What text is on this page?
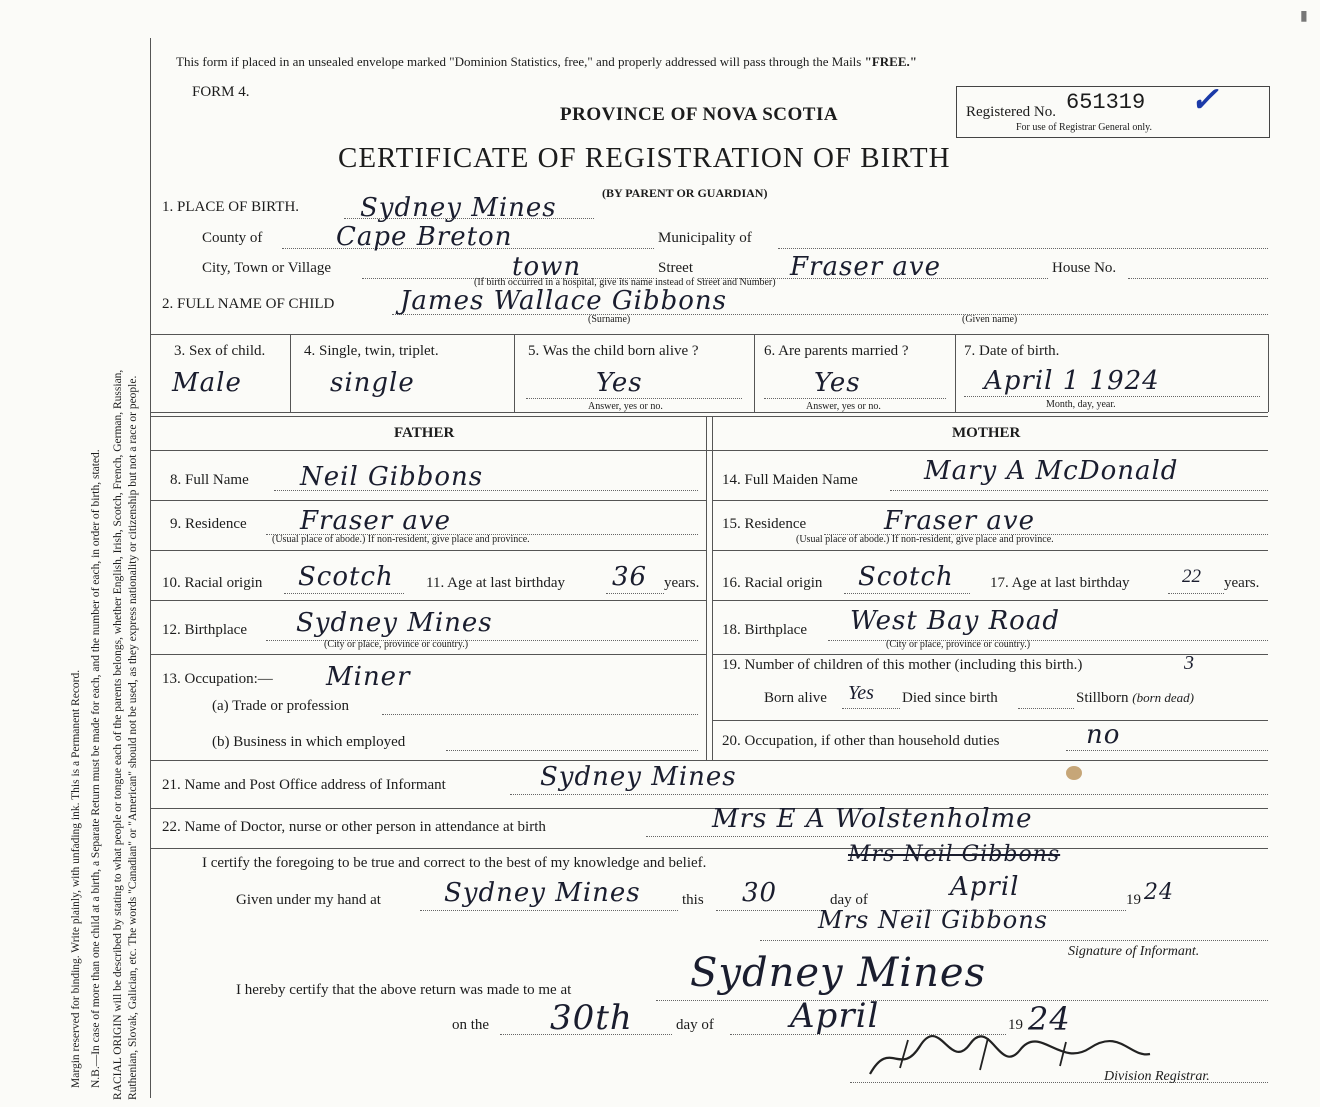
Margin reserved for binding. Write plainly, with unfading ink. This is a Permanent Record. N.B.—In case of more than one child at a birth, a Separate Return must be made for each, and the number of each, in order of birth, stated. RACIAL ORIGIN will be described by stating to what people or tongue each of the parents belongs, whether English, Irish, Scotch, French, German, Russian, Ruthenian, Slovak, Galician, etc. The words "Canadian" or "American" should not be used, as they express nationality or citizenship but not a race or people.
This form if placed in an unsealed envelope marked "Dominion Statistics, free," and properly addressed will pass through the Mails "FREE."
FORM 4.
PROVINCE OF NOVA SCOTIA
CERTIFICATE OF REGISTRATION OF BIRTH
(BY PARENT OR GUARDIAN)
Registered No. 651319 ✓
For use of Registrar General only.
1. PLACE OF BIRTH. Sydney Mines
County of	Cape Breton	Municipality of
City, Town or Village	town	Street	Fraser ave	House No.
(If birth occurred in a hospital, give its name instead of Street and Number)
2. FULL NAME OF CHILD	James Wallace Gibbons
(Surname)	(Given name)
3. Sex of child.
Male
4. Single, twin, triplet.
single
5. Was the child born alive ?
Yes
Answer, yes or no.
6. Are parents married ?
Yes
Answer, yes or no.
7. Date of birth.
April 1 1924
Month, day, year.
FATHER	MOTHER
8. Full Name Neil Gibbons
9. Residence Fraser ave
(Usual place of abode.) If non-resident, give place and province.
10. Racial origin Scotch 11. Age at last birthday 36 years.
12. Birthplace Sydney Mines
(City or place, province or country.)
13. Occupation:— Miner
(a) Trade or profession
(b) Business in which employed
14. Full Maiden Name	Mary A McDonald
15. Residence	Fraser ave
(Usual place of abode.) If non-resident, give place and province.
16. Racial origin Scotch 17. Age at last birthday	22 years.
18. Birthplace West Bay Road
(City or place, province or country.)
19. Number of children of this mother (including this birth.)	3
Born alive Yes Died since birth	Stillborn (born dead)
20. Occupation, if other than household duties	no
21. Name and Post Office address of Informant	Sydney Mines
22. Name of Doctor, nurse or other person in attendance at birth	Mrs E A Wolstenholme
I certify the foregoing to be true and correct to the best of my knowledge and belief.	Mrs Neil Gibbons
Given under my hand at Sydney Mines	this 30	day of	April	19 24
Mrs Neil Gibbons
Signature of Informant.
I hereby certify that the above return was made to me at	Sydney Mines
on the 30th	day of April	19 24
Division Registrar.
▮
